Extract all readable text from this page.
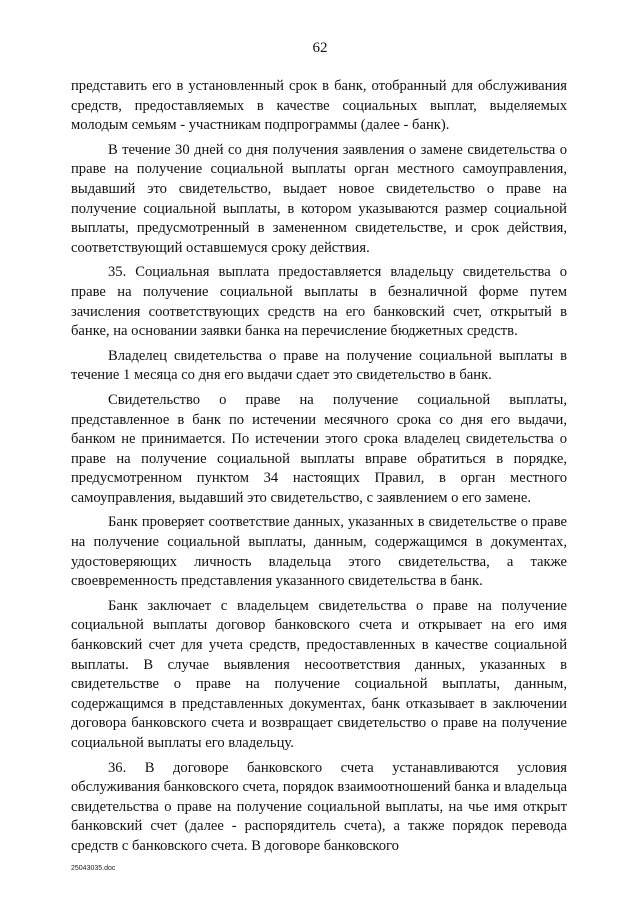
62

представить его в установленный срок в банк, отобранный для обслуживания средств, предоставляемых в качестве социальных выплат, выделяемых молодым семьям - участникам подпрограммы (далее - банк).

В течение 30 дней со дня получения заявления о замене свидетельства о праве на получение социальной выплаты орган местного самоуправления, выдавший это свидетельство, выдает новое свидетельство о праве на получение социальной выплаты, в котором указываются размер социальной выплаты, предусмотренный в замененном свидетельстве, и срок действия, соответствующий оставшемуся сроку действия.

35. Социальная выплата предоставляется владельцу свидетельства о праве на получение социальной выплаты в безналичной форме путем зачисления соответствующих средств на его банковский счет, открытый в банке, на основании заявки банка на перечисление бюджетных средств.

Владелец свидетельства о праве на получение социальной выплаты в течение 1 месяца со дня его выдачи сдает это свидетельство в банк.

Свидетельство о праве на получение социальной выплаты, представленное в банк по истечении месячного срока со дня его выдачи, банком не принимается. По истечении этого срока владелец свидетельства о праве на получение социальной выплаты вправе обратиться в порядке, предусмотренном пунктом 34 настоящих Правил, в орган местного самоуправления, выдавший это свидетельство, с заявлением о его замене.

Банк проверяет соответствие данных, указанных в свидетельстве о праве на получение социальной выплаты, данным, содержащимся в документах, удостоверяющих личность владельца этого свидетельства, а также своевременность представления указанного свидетельства в банк.

Банк заключает с владельцем свидетельства о праве на получение социальной выплаты договор банковского счета и открывает на его имя банковский счет для учета средств, предоставленных в качестве социальной выплаты. В случае выявления несоответствия данных, указанных в свидетельстве о праве на получение социальной выплаты, данным, содержащимся в представленных документах, банк отказывает в заключении договора банковского счета и возвращает свидетельство о праве на получение социальной выплаты его владельцу.

36. В договоре банковского счета устанавливаются условия обслуживания банковского счета, порядок взаимоотношений банка и владельца свидетельства о праве на получение социальной выплаты, на чье имя открыт банковский счет (далее - распорядитель счета), а также порядок перевода средств с банковского счета. В договоре банковского

25043035.doc
